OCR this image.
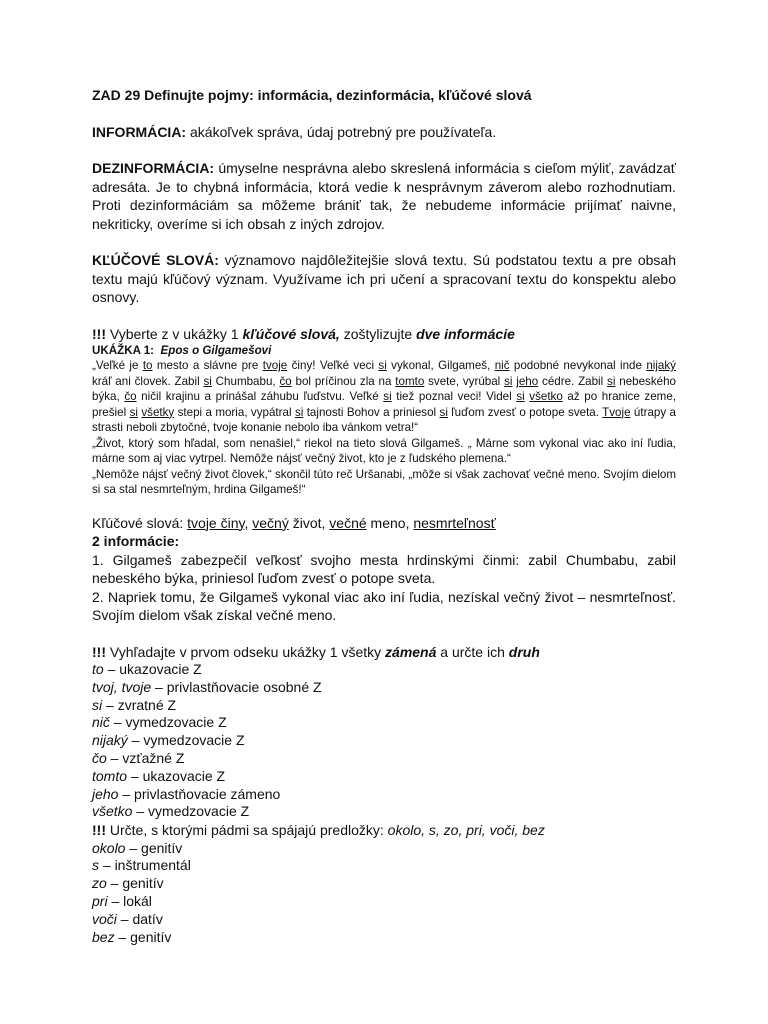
ZAD 29 Definujte pojmy: informácia, dezinformácia, kľúčové slová

INFORMÁCIA: akákoľvek správa, údaj potrebný pre používateľa.

DEZINFORMÁCIA: úmyselne nesprávna alebo skreslená informácia s cieľom mýliť, zavádzať adresáta. Je to chybná informácia, ktorá vedie k nesprávnym záverom alebo rozhodnutiam. Proti dezinformáciám sa môžeme brániť tak, že nebudeme informácie prijímať naivne, nekriticky, overíme si ich obsah z iných zdrojov.

KĽÚČOVÉ SLOVÁ: významovo najdôležitejšie slová textu. Sú podstatou textu a pre obsah textu majú kľúčový význam. Využívame ich pri učení a spracovaní textu do konspektu alebo osnovy.

!!! Vyberte z v ukážky 1 kľúčové slová, zoštylizujte dve informácie

UKÁŽKA 1: Epos o Gilgamešovi

„Veľké je to mesto a slávne pre tvoje činy! Veľké veci si vykonal, Gilgameš, nič podobné nevykonal inde nijaký kráľ ani človek. Zabil si Chumbabu, čo bol príčinou zla na tomto svete, vyrúbal si jeho cédre. Zabil si nebeského býka, čo ničil krajinu a prinášal záhubu ľuďstvu. Veľké si tiež poznal veci! Videl si všetko až po hranice zeme, prešiel si všetky stepi a moria, vypátral si tajnosti Bohov a priniesol si ľuďom zvesť o potope sveta. Tvoje útrapy a strasti neboli zbytočné, tvoje konanie nebolo iba vánkom vetra!“

„Život, ktorý som hľadal, som nenašiel,“ riekol na tieto slová Gilgameš. „ Márne som vykonal viac ako iní ľudia, márne som aj viac vytrpel. Nemôže nájsť večný život, kto je z ľudského plemena.“

„Nemôže nájsť večný život človek,“ skončil túto reč Uršanabi, „môže si však zachovať večné meno. Svojím dielom si sa stal nesmrteľným, hrdina Gilgameš!“

Kľúčové slová: tvoje činy, večný život, večné meno, nesmrteľnosť

2 informácie:

1. Gilgameš zabezpečil veľkosť svojho mesta hrdinskými činmi: zabil Chumbabu, zabil nebeského býka, priniesol ľuďom zvesť o potope sveta.

2. Napriek tomu, že Gilgameš vykonal viac ako iní ľudia, nezískal večný život – nesmrteľnosť. Svojím dielom však získal večné meno.

!!! Vyhľadajte v prvom odseku ukážky 1 všetky zámená a určte ich druh

to – ukazovacie Z

tvoj, tvoje – privlastňovacie osobné Z

si – zvratné Z

nič – vymedzovacie Z

nijaký – vymedzovacie Z

čo – vzťažné Z

tomto – ukazovacie Z

jeho – privlastňovacie zámeno

všetko – vymedzovacie Z

!!! Určte, s ktorými pádmi sa spájajú predložky: okolo, s, zo, pri, voči, bez

okolo – genitív

s – inštrumentál

zo – genitív

pri – lokál

voči – datív

bez – genitív
